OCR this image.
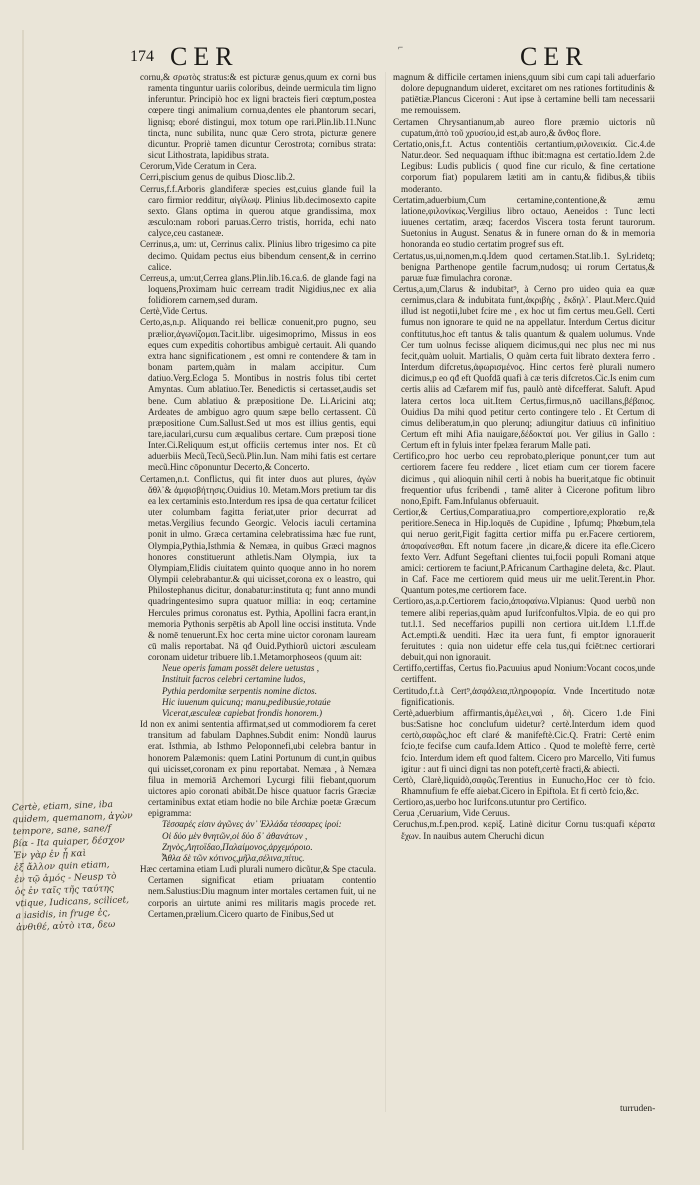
⌐
174 CER	CER

cornu,& σρωτὸς stratus:& est picturæ genus,quum ex corni bus ramenta tinguntur uariis coloribus, deinde uermicula tim ligno inferuntur. Principiò hoc ex ligni bracteis fieri cœptum,postea cœpere tingi animalium cornua,dentes ele phantorum secari, lignisq; eboré distingui, mox totum ope rari.Plin.lib.11.Nunc tincta, nunc subilita, nunc quæ Cero strota, picturæ genere dicuntur. Propriè tamen dicuntur Cerostrota; cornibus strata: sicut Lithostrata, lapidibus strata.

Cerorum,Vide Ceratum in Cera.

Cerri,piscium genus de quibus Diosc.lib.2.

Cerrus,f.f.Arboris glandiferæ species est,cuius glande fuil la caro firmior redditur, αἰγίλωψ. Plinius lib.decimosexto capite sexto. Glans optima in querou atque grandissima, mox æsculo:nam robori paruas.Cerro tristis, horrida, echi nato calyce,ceu castaneæ.

Cerrinus,a, um: ut, Cerrinus calix. Plinius libro trigesimo ca pite decimo. Quidam pectus eius bibendum censent,& in cerrino calice.

Cerreus,a, um:ut,Cerrea glans.Plin.lib.16.ca.6. de glande fagi na loquens,Proximam huic cerream tradit Nigidius,nec ex alia folidiorem carnem,sed duram.

Certè,Vide Certus.

Certo,as,n.p. Aliquando rei bellicæ conuenit,pro pugno, seu prælior,ἀγωνίζομαι.Tacit.libr. uigesimoprimo, Missus in eos eques cum expeditis cohortibus ambiguè certauit. Ali quando extra hanc significationem , est omni re contendere & tam in bonam partem,quàm in malam accipitur. Cum datiuo.Verg.Ecloga 5. Montibus in nostris folus tibi certet Amyntas. Cum ablatiuo.Ter. Benedictis si certasset,audis set bene. Cum ablatiuo & præpositione De. Li.Aricini atq; Ardeates de ambiguo agro quum sæpe bello certassent. Cũ præpositione Cum.Sallust.Sed ut mos est illius gentis, equi tare,iaculari,cursu cum æqualibus certare. Cum præposi tione Inter.Ci.Reliquum est,ut officiis certemus inter nos. Et cũ aduerbiis Mecũ,Tecũ,Secũ.Plin.Iun. Nam mihi fatis est certare mecũ.Hinc cōponuntur Decerto,& Concerto.

Certamen,n.t. Conflictus, qui fit inter duos aut plures, ἀγὼν ἄθλ᾽& ἀμφισβήτησις.Ouidius 10. Metam.Mors pretium tar dis ea lex certaminis esto.Interdum res ipsa de qua certatur fcilicet uter columbam fagitta feriat,uter prior decurrat ad metas.Vergilius fecundo Georgic. Velocis iaculi certamina ponit in ulmo. Græca certamina celebratissima hæc fue runt, Olympia,Pythia,Isthmia & Nemæa, in quibus Græci magnos honores constituerunt athletis.Nam Olympia, iux ta Olympiam,Elidis ciuitatem quinto quoque anno in ho norem Olympii celebrabantur.& qui uicisset,corona ex o leastro, qui Philostephanus dicitur, donabatur:instituta q; funt anno mundi quadringentesimo supra quatuor millia: in eoq; certamine Hercules primus coronatus est. Pythia, Apollini facra erant,in memoria Pythonis serpētis ab Apoll line occisi instituta. Vnde & nomē tenuerunt.Ex hoc certa mine uictor coronam lauream cū malis reportabat. Nā qđ Ouid.Pythiorũ uictori æsculeam coronam uidetur tribuere lib.1.Metamorphoseos (quum ait:

Neue operis famam possēt delere uetustas ,

Instituit facros celebri certamine ludos,

Pythia perdomitæ serpentis nomine dictos.

Hic iuuenum quicunq; manu,pedibusúe,rotaúe

Vicerat,æsculeæ capiebat frondis honorem.)

Id non ex animi sententia affirmat,sed ut commodiorem fa ceret transitum ad fabulam Daphnes.Subdit enim: Nondũ laurus erat. Isthmia, ab Isthmo Peloponnefi,ubi celebra bantur in honorem Palæmonis: quem Latini Portunum di cunt,in quibus qui uicisset,coronam ex pinu reportabat. Nemæa , à Nemæa filua in memoriā Archemori Lycurgi filii fiebant,quorum uictores apio coronati abibāt.De hisce quatuor facris Græciæ certaminibus extat etiam hodie no bile Archiæ poetæ Græcum epigramma:

Τέσσαρές εἰσιν ἀγῶνες ἀν᾽ Ἑλλάδα τέσσαρες ἱροί:

Οἱ δύο μὲν θνητῶν,οἱ δύο δ᾽ ἀθανάτων ,

Ζηνὸς,Λητοΐδαο,Παλαίμονος,ἀρχεμόροιο.

Ἆθλα δὲ τῶν κότινος,μῆλα,σέλινα,πίτυς.

Hæc certamina etiam Ludi plurali numero dicũtur,& Spe ctacula. Certamen significat etiam priuatam contentio nem.Salustius:Diu magnum inter mortales certamen fuit, ui ne corporis an uirtute animi res militaris magis procede ret. Certamen,prælium.Cicero quarto de Finibus,Sed ut

magnum & difficile certamen iniens,quum sibi cum capi tali aduerfario dolore depugnandum uideret, excitaret om nes rationes fortitudinis & patiētiæ.Plancus Ciceroni : Aut ipse à certamine belli tam necessarii me remouissem.

Certamen Chrysantianum,ab aureo flore præmio uictoris nũ cupatum,ἀπὸ τοῦ χρυσίου,id est,ab auro,& ἄνθος flore.

Certatio,onis,f.t. Actus contentiōis certantium,φιλονεικία. Cic.4.de Natur.deor. Sed nequaquam ifthuc ibit:magna est certatio.Idem 2.de Legibus: Ludis publicis ( quod fine cur riculo, & fine certatione corporum fiat) popularem lætiti am in cantu,& fidibus,& tibiis moderanto.

Certatim,aduerbium,Cum certamine,contentione,& æmu latione,φιλονίκως.Vergilius libro octauo, Aeneidos : Tunc lecti iuuenes certatim, aræq; facerdos Viscera tosta ferunt taurorum. Suetonius in August. Senatus & in funere ornan do & in memoria honoranda eo studio certatim progref sus eft.

Certatus,us,ui,nomen,m.q.Idem quod certamen.Stat.lib.1. Syl.ridetq; benigna Parthenope gentile facrum,nudosq; ui rorum Certatus,& paruæ fuæ fimulachra coronæ.

Certus,a,um,Clarus & indubitat⁹, à Cerno pro uideo quia ea quæ cernimus,clara & indubitata funt,ἀκριβὴς , ἔκδηλ᾽. Plaut.Merc.Quid illud ist negotii,lubet fcire me , ex hoc ut fim certus meu.Gell. Certi fumus non ignorare te quid ne na appellatur. Interdum Certus dicitur conftitutus,hoc eft tantus & talis quantum & qualem uolumus. Vnde Cer tum uolnus fecisse aliquem dicimus,qui nec plus nec mi nus fecit,quàm uoluit. Martialis, O quàm certa fuit librato dextera ferro . Interdum difcretus,ἀφωρισμένος. Hinc certos ferè plurali numero dicimus,p eo qđ eft Quofdā quafi à cæ teris difcretos.Cic.Is enim cum certis aliis ad Cæfarem mif fus, paulò antè difcefferat. Saluft. Apud latera certos loca uit.Item Certus,firmus,nō uacillans,βέβαιος. Ouidius Da mihi quod petitur certo contingere telo . Et Certum di cimus deliberatum,in quo plerunq; adiungitur datiuus cū infinitiuo Certum eft mihi Afia nauigare,δέδοκταί μοι. Ver gilius in Gallo : Certum eft in fyluis inter fpelæa ferarum Malle pati.

Certifico,pro hoc uerbo ceu reprobato,plerique ponunt,cer tum aut certiorem facere feu reddere , licet etiam cum cer tiorem facere dicimus , qui alioquin nihil certi à nobis ha buerit,atque fic obtinuit frequentior ufus fcribendi , tamē aliter à Cicerone pofitum libro nono,Epift. Fam.Infulanus obferuauit.

Certior,& Certius,Comparatiua,pro compertiore,exploratio re,& peritiore.Seneca in Hip.loquēs de Cupidine , Ipfumq; Phœbum,tela qui neruo gerit,Figit fagitta certior miffa pu er.Facere certiorem, ἀποφαίνεσθαι. Eft notum facere ,in dicare,& dicere ita efle.Cicero fexto Verr. Adfunt Segeftani clientes tui,focii populi Romani atque amici: certiorem te faciunt,P.Africanum Carthagine deleta, &c. Plaut. in Caf. Face me certiorem quid meus uir me uelit.Terent.in Phor. Quantum potes,me certiorem face.

Certioro,as,a.p.Certiorem facio,ἀποφαίνω.Vlpianus: Quod uerbũ non temere alibi reperias,quàm apud Iurifconfultos.Vlpia. de eo qui pro tut.l.1. Sed neceffarios pupilli non certiora uit.Idem l.1.ff.de Act.empti.& uenditi. Hæc ita uera funt, fi emptor ignorauerit feruitutes : quia non uidetur effe cela tus,qui fciēt:nec certiorari debuit,qui non ignorauit.

Certiffo,certiffas, Certus fio.Pacuuius apud Nonium:Vocant cocos,unde certiffent.

Certitudo,f.t.à Cert⁹,ἀσφάλεια,πληροφορία. Vnde Incertitudo notæ fignificationis.

Certè,aduerbium affirmantis,ἀμέλει,ναὶ , δὴ. Cicero 1.de Fini bus:Satisne hoc conclufum uidetur? certè.Interdum idem quod certò,σαφῶς,hoc eft claré & manifeftè.Cic.Q. Fratri: Certè enim fcio,te fecifse cum caufa.Idem Attico . Quod te moleftè ferre, certè fcio. Interdum idem eft quod faltem. Cicero pro Marcello, Viti fumus igitur : aut fi uinci digni tas non poteft,certè fracti,& abiecti.

Certò, Clarè,liquidò,σαφῶς.Terentius in Eunucho,Hoc cer tò fcio. Rhamnufium fe effe aiebat.Cicero in Epiftola. Et fi certò fcio,&c.

Certioro,as,uerbo hoc Iurifcons.utuntur pro Certifico.

Cerua ,Ceruarium, Vide Ceruus.

Ceruchus,m.f.pen.prod. κερὶξ. Latinè dicitur Cornu tus:quafi κέρατα ἔχων. In nauibus autem Cheruchi dicun

turruden-

Certè, etiam, sine, iba

quidem, quemanom, ἀγὼν

tempore, sane, sane/f

βία - Ita quiaper, δέσχον

Ἐν γὰρ ἐν ᾗ καὶ

ἐξ ἄλλον quin etiam,

ἐν τῷ ἀμός - Neusp τὸ

ὁς ἐν ταῖς τῆς ταύτης

vtique, Iudicans, scilicet,

a iasidis, in fruge ἐς,

ἀνθιθέ, αὐτὸ ιτα, δεω
